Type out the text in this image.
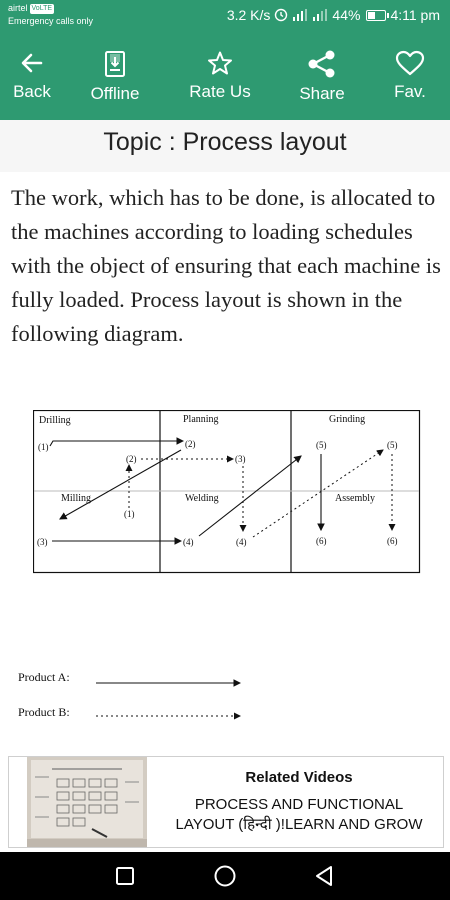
airtel VoLTE
Emergency calls only	3.2 K/s	44% 4:11 pm
Back Offline	Rate Us	Share	Fav.
Topic : Process layout

The work, which has to be done, is allocated to the machines according to loading schedules with the object of ensuring that each machine is fully loaded. Process layout is shown in the following diagram.

Drilling	Planning	Grinding
Milling	Welding	Assembly
(1)
(2)
(2)
(3)
(1)
(3)	(4)	(4)
(5)	(5)
(6)	(6)
Product A:
Product B:
Related Videos
PROCESS AND FUNCTIONAL
LAYOUT (हिन्दी )!LEARN AND GROW
